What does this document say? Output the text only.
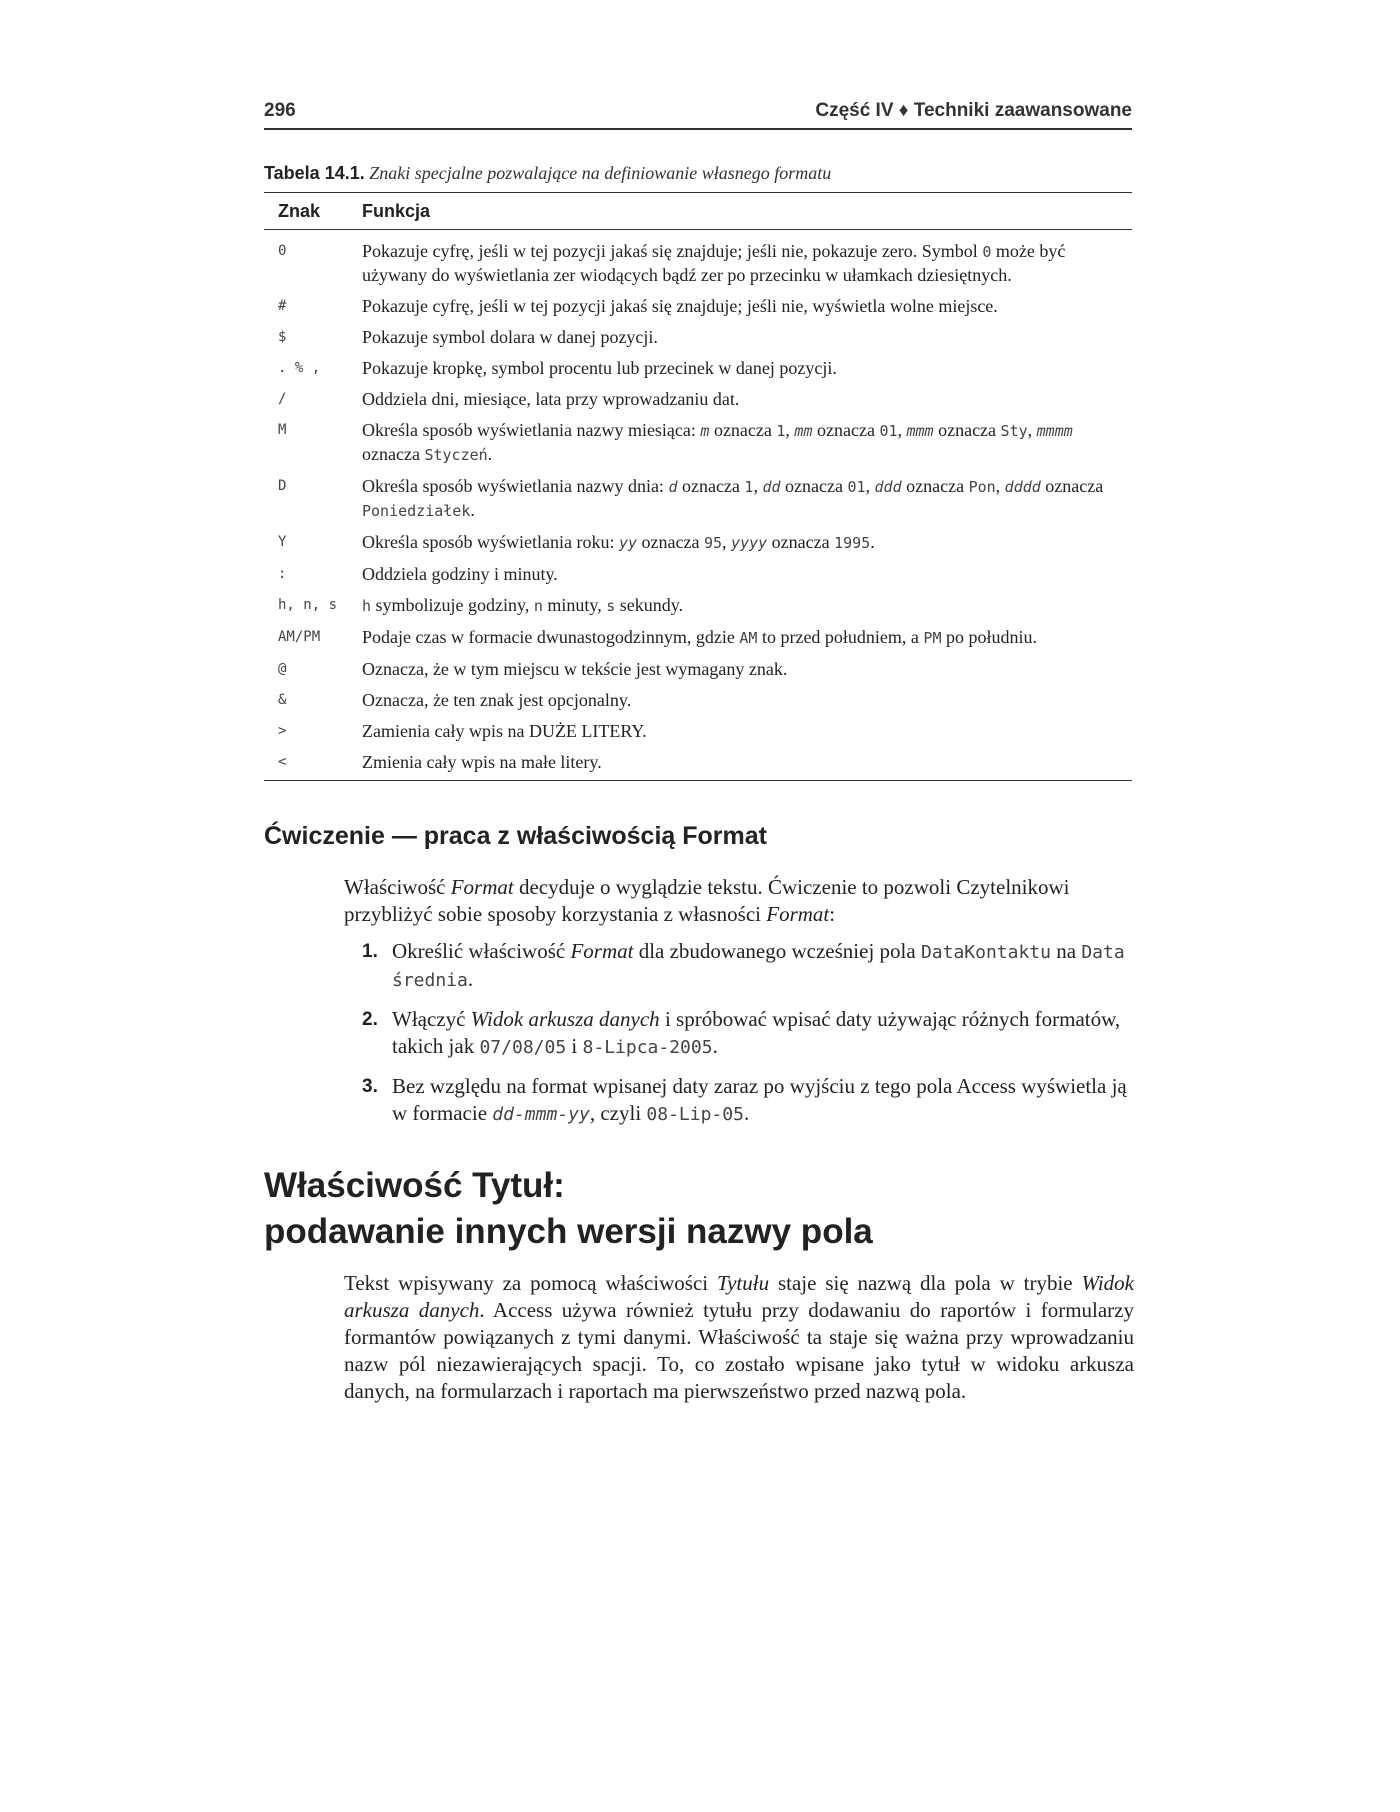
296	Część IV ♦ Techniki zaawansowane
Tabela 14.1. Znaki specjalne pozwalające na definiowanie własnego formatu
Znak	Funkcja
0	Pokazuje cyfrę, jeśli w tej pozycji jakaś się znajduje; jeśli nie, pokazuje zero. Symbol 0 może być używany do wyświetlania zer wiodących bądź zer po przecinku w ułamkach dziesiętnych.
#	Pokazuje cyfrę, jeśli w tej pozycji jakaś się znajduje; jeśli nie, wyświetla wolne miejsce.
$	Pokazuje symbol dolara w danej pozycji.
. % ,	Pokazuje kropkę, symbol procentu lub przecinek w danej pozycji.
/	Oddziela dni, miesiące, lata przy wprowadzaniu dat.
M	Określa sposób wyświetlania nazwy miesiąca: m oznacza 1, mm oznacza 01, mmm oznacza Sty, mmmm oznacza Styczeń.
D	Określa sposób wyświetlania nazwy dnia: d oznacza 1, dd oznacza 01, ddd oznacza Pon, dddd oznacza Poniedziałek.
Y	Określa sposób wyświetlania roku: yy oznacza 95, yyyy oznacza 1995.
:	Oddziela godziny i minuty.
h, n, s	h symbolizuje godziny, n minuty, s sekundy.
AM/PM	Podaje czas w formacie dwunastogodzinnym, gdzie AM to przed południem, a PM po południu.
@	Oznacza, że w tym miejscu w tekście jest wymagany znak.
&	Oznacza, że ten znak jest opcjonalny.
>	Zamienia cały wpis na DUŻE LITERY.
<	Zmienia cały wpis na małe litery.
Ćwiczenie — praca z właściwością Format

Właściwość Format decyduje o wyglądzie tekstu. Ćwiczenie to pozwoli Czytelnikowi przybliżyć sobie sposoby korzystania z własności Format:

1. Określić właściwość Format dla zbudowanego wcześniej pola DataKontaktu na Data średnia.
2. Włączyć Widok arkusza danych i spróbować wpisać daty używając różnych formatów, takich jak 07/08/05 i 8-Lipca-2005.
3. Bez względu na format wpisanej daty zaraz po wyjściu z tego pola Access wyświetla ją w formacie dd-mmm-yy, czyli 08-Lip-05.
Właściwość Tytuł:
podawanie innych wersji nazwy pola

Tekst wpisywany za pomocą właściwości Tytułu staje się nazwą dla pola w trybie Widok arkusza danych. Access używa również tytułu przy dodawaniu do raportów i formularzy formantów powiązanych z tymi danymi. Właściwość ta staje się ważna przy wprowadzaniu nazw pól niezawierających spacji. To, co zostało wpisane jako tytuł w widoku arkusza danych, na formularzach i raportach ma pierwszeństwo przed nazwą pola.
